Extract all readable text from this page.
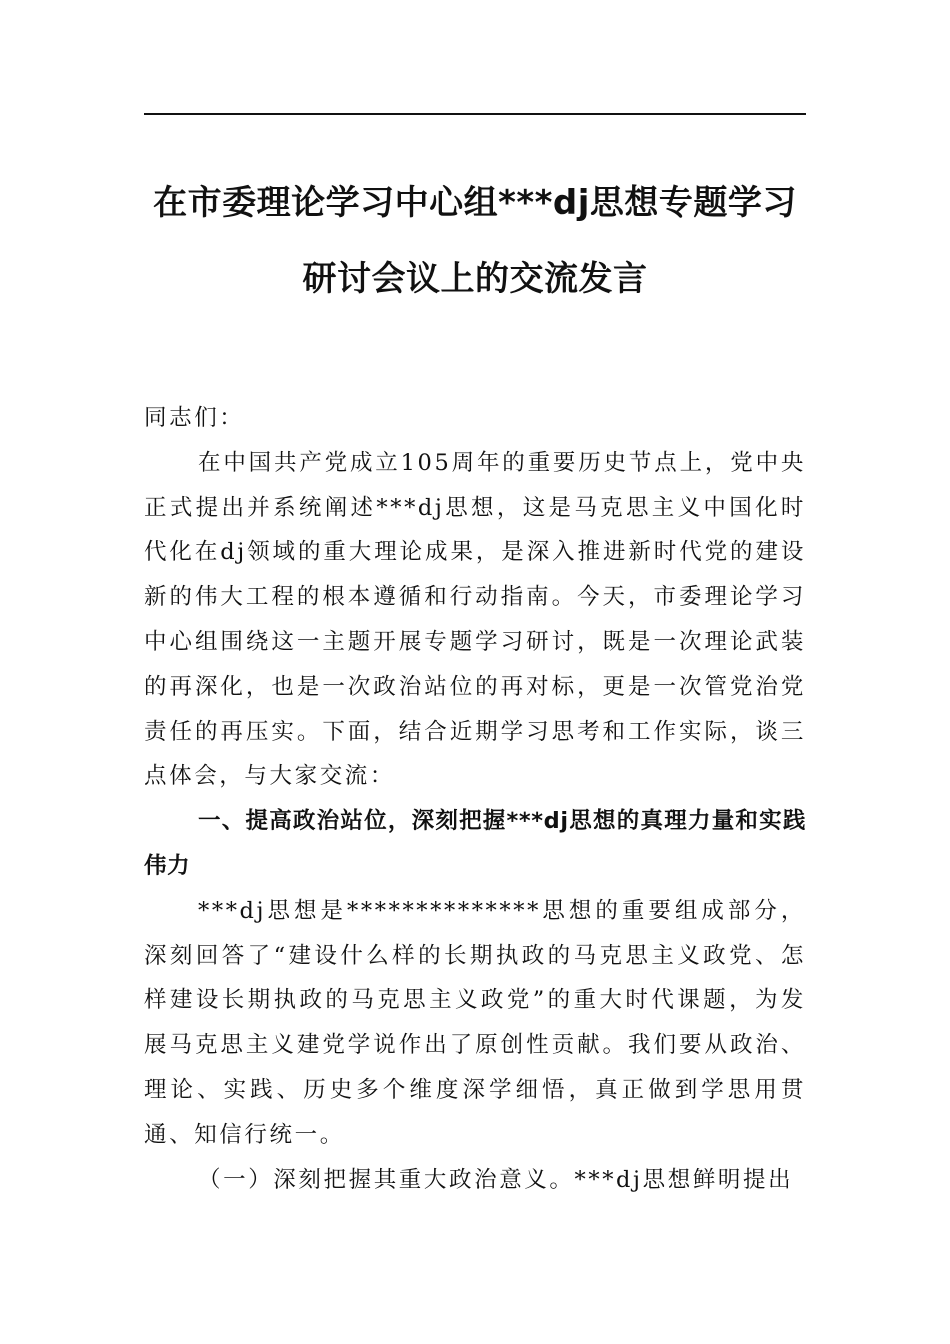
在市委理论学习中心组***dj思想专题学习
研讨会议上的交流发言

同志们：

在中国共产党成立105周年的重要历史节点上，党中央正式提出并系统阐述***dj思想，这是马克思主义中国化时代化在dj领域的重大理论成果，是深入推进新时代党的建设新的伟大工程的根本遵循和行动指南。今天，市委理论学习中心组围绕这一主题开展专题学习研讨，既是一次理论武装的再深化，也是一次政治站位的再对标，更是一次管党治党责任的再压实。下面，结合近期学习思考和工作实际，谈三点体会，与大家交流：

一、提高政治站位，深刻把握***dj思想的真理力量和实践伟力

***dj思想是**************思想的重要组成部分，深刻回答了“建设什么样的长期执政的马克思主义政党、怎样建设长期执政的马克思主义政党”的重大时代课题，为发展马克思主义建党学说作出了原创性贡献。我们要从政治、理论、实践、历史多个维度深学细悟，真正做到学思用贯通、知信行统一。

（一）深刻把握其重大政治意义。***dj思想鲜明提出
